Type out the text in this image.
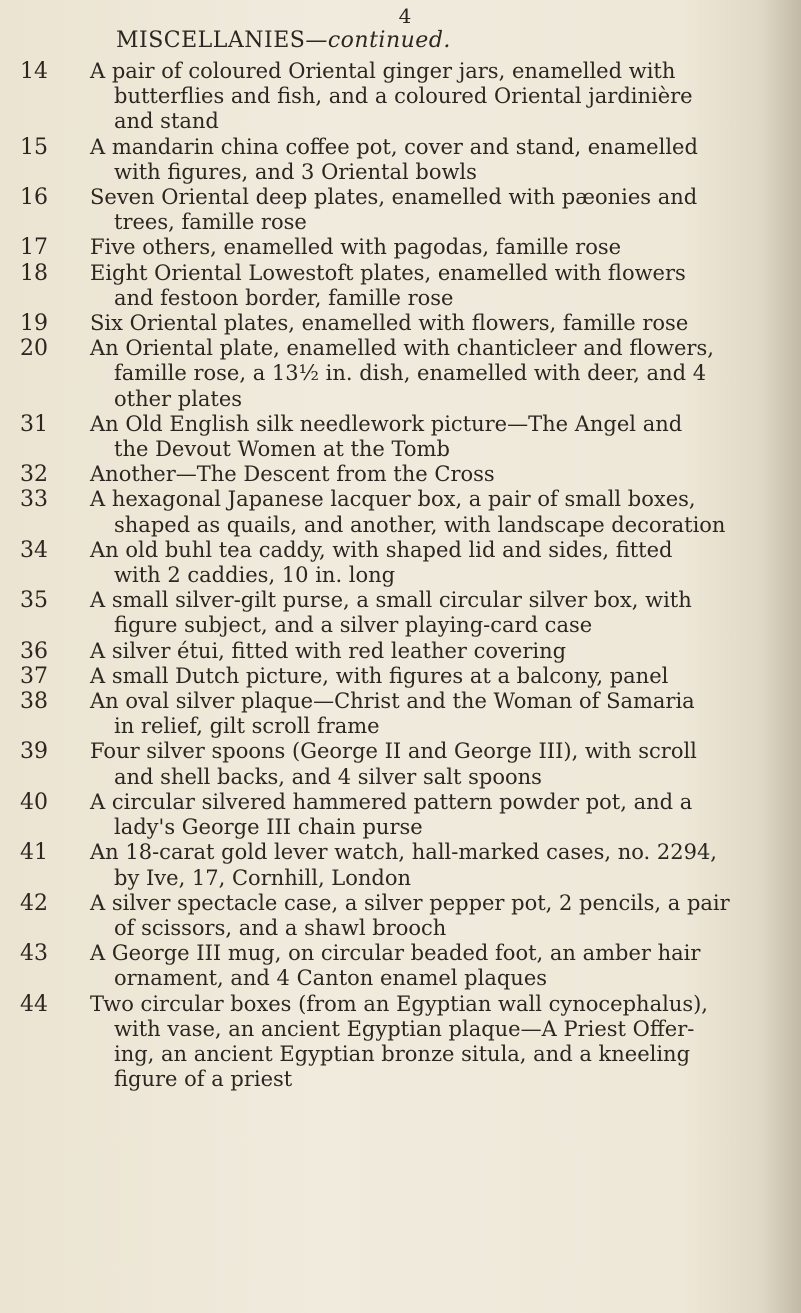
4
MISCELLANIES—continued.
14	A pair of coloured Oriental ginger jars, enamelled with
butterflies and fish, and a coloured Oriental jardinière
and stand
15	A mandarin china coffee pot, cover and stand, enamelled
with figures, and 3 Oriental bowls
16	Seven Oriental deep plates, enamelled with pæonies and
trees, famille rose
17	Five others, enamelled with pagodas, famille rose
18	Eight Oriental Lowestoft plates, enamelled with flowers
and festoon border, famille rose
19	Six Oriental plates, enamelled with flowers, famille rose
20	An Oriental plate, enamelled with chanticleer and flowers,
famille rose, a 13½ in. dish, enamelled with deer, and 4
other plates
31	An Old English silk needlework picture—The Angel and
the Devout Women at the Tomb
32	Another—The Descent from the Cross
33	A hexagonal Japanese lacquer box, a pair of small boxes,
shaped as quails, and another, with landscape decoration
34	An old buhl tea caddy, with shaped lid and sides, fitted
with 2 caddies, 10 in. long
35	A small silver-gilt purse, a small circular silver box, with
figure subject, and a silver playing-card case
36	A silver étui, fitted with red leather covering
37	A small Dutch picture, with figures at a balcony, panel
38	An oval silver plaque—Christ and the Woman of Samaria
in relief, gilt scroll frame
39	Four silver spoons (George II and George III), with scroll
and shell backs, and 4 silver salt spoons
40	A circular silvered hammered pattern powder pot, and a
lady's George III chain purse
41	An 18-carat gold lever watch, hall-marked cases, no. 2294,
by Ive, 17, Cornhill, London
42	A silver spectacle case, a silver pepper pot, 2 pencils, a pair
of scissors, and a shawl brooch
43	A George III mug, on circular beaded foot, an amber hair
ornament, and 4 Canton enamel plaques
44	Two circular boxes (from an Egyptian wall cynocephalus),
with vase, an ancient Egyptian plaque—A Priest Offer-
ing, an ancient Egyptian bronze situla, and a kneeling
figure of a priest
